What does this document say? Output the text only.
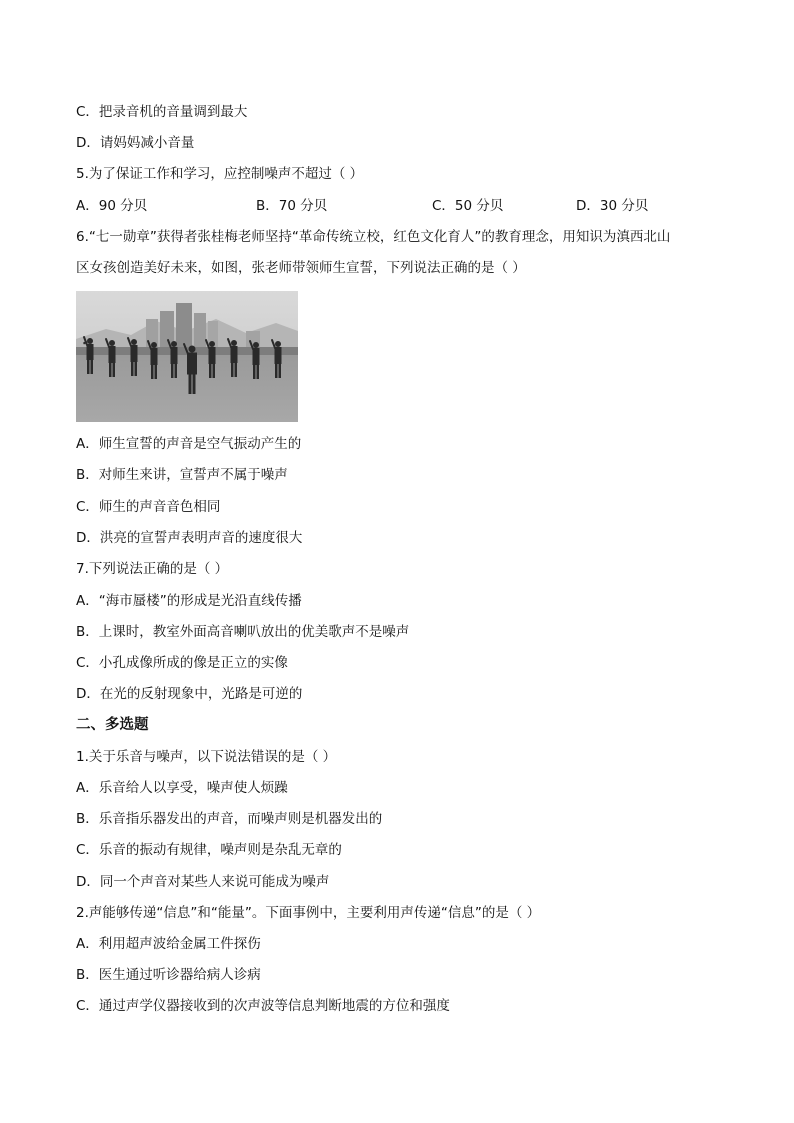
C．把录音机的音量调到最大
D．请妈妈减小音量
5.为了保证工作和学习，应控制噪声不超过（ ）
A．90 分贝	B．70 分贝	C．50 分贝	D．30 分贝
6.“七一勋章”获得者张桂梅老师坚持“革命传统立校，红色文化育人”的教育理念，用知识为滇西北山
区女孩创造美好未来，如图，张老师带领师生宣誓，下列说法正确的是（ ）
A．师生宣誓的声音是空气振动产生的
B．对师生来讲，宣誓声不属于噪声
C．师生的声音音色相同
D．洪亮的宣誓声表明声音的速度很大
7.下列说法正确的是（ ）
A．“海市蜃楼”的形成是光沿直线传播
B．上课时，教室外面高音喇叭放出的优美歌声不是噪声
C．小孔成像所成的像是正立的实像
D．在光的反射现象中，光路是可逆的
二、多选题
1.关于乐音与噪声，以下说法错误的是（ ）
A．乐音给人以享受，噪声使人烦躁
B．乐音指乐器发出的声音，而噪声则是机器发出的
C．乐音的振动有规律，噪声则是杂乱无章的
D．同一个声音对某些人来说可能成为噪声
2.声能够传递“信息”和“能量”。下面事例中，主要利用声传递“信息”的是（ ）
A．利用超声波给金属工件探伤
B．医生通过听诊器给病人诊病
C．通过声学仪器接收到的次声波等信息判断地震的方位和强度
